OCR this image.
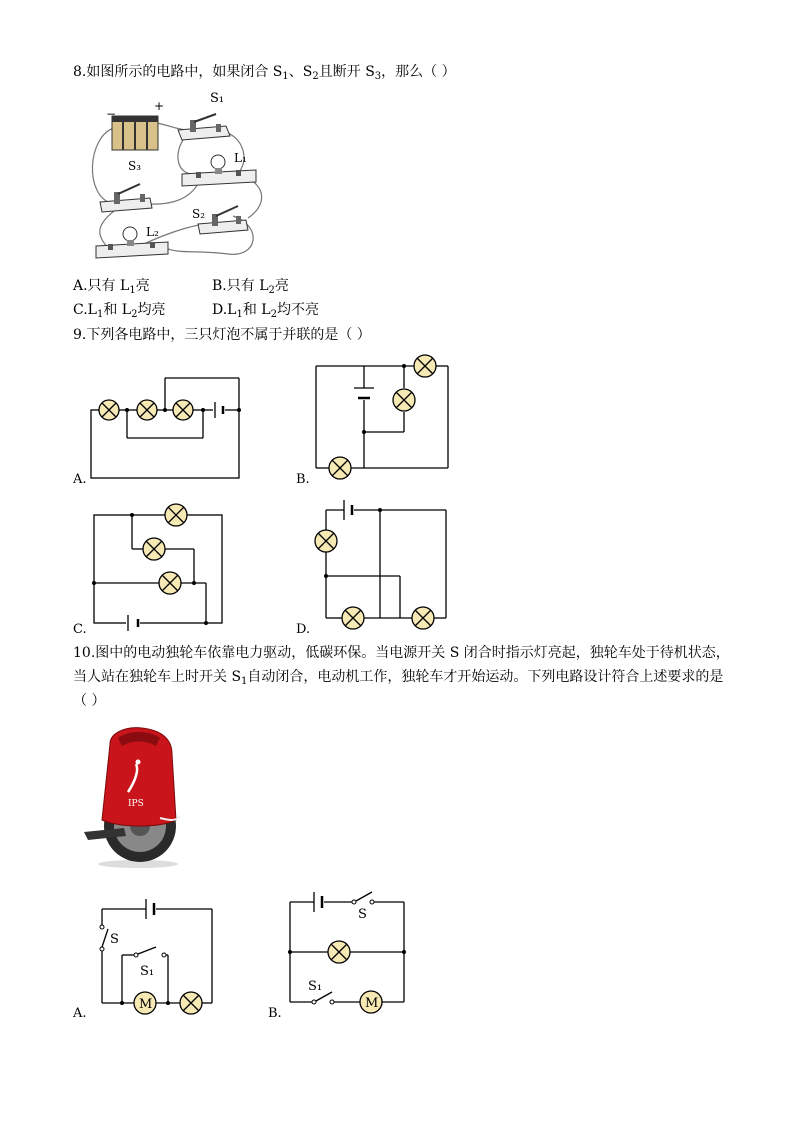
8.如图所示的电路中，如果闭合 $S_1$、$S_2$且断开 $S_3$，那么（ ）
−
+	S₁
L₁
S₃
S₂
L₂
A.只有 $L_1$亮	B.只有 $L_2$亮
$C.L_1$和 $L_2$均亮	$D.L_1$和 $L_2$均不亮
9.下列各电路中，三只灯泡不属于并联的是（ ）
A.	B.
C.	D.
10.图中的电动独轮车依靠电力驱动，低碳环保。当电源开关 S 闭合时指示灯亮起，独轮车处于待机状态，
当人站在独轮车上时开关 $S_1$自动闭合，电动机工作，独轮车才开始运动。下列电路设计符合上述要求的是
（ ）
IPS
S
S₁
M
A.
S
S₁
M
B.
